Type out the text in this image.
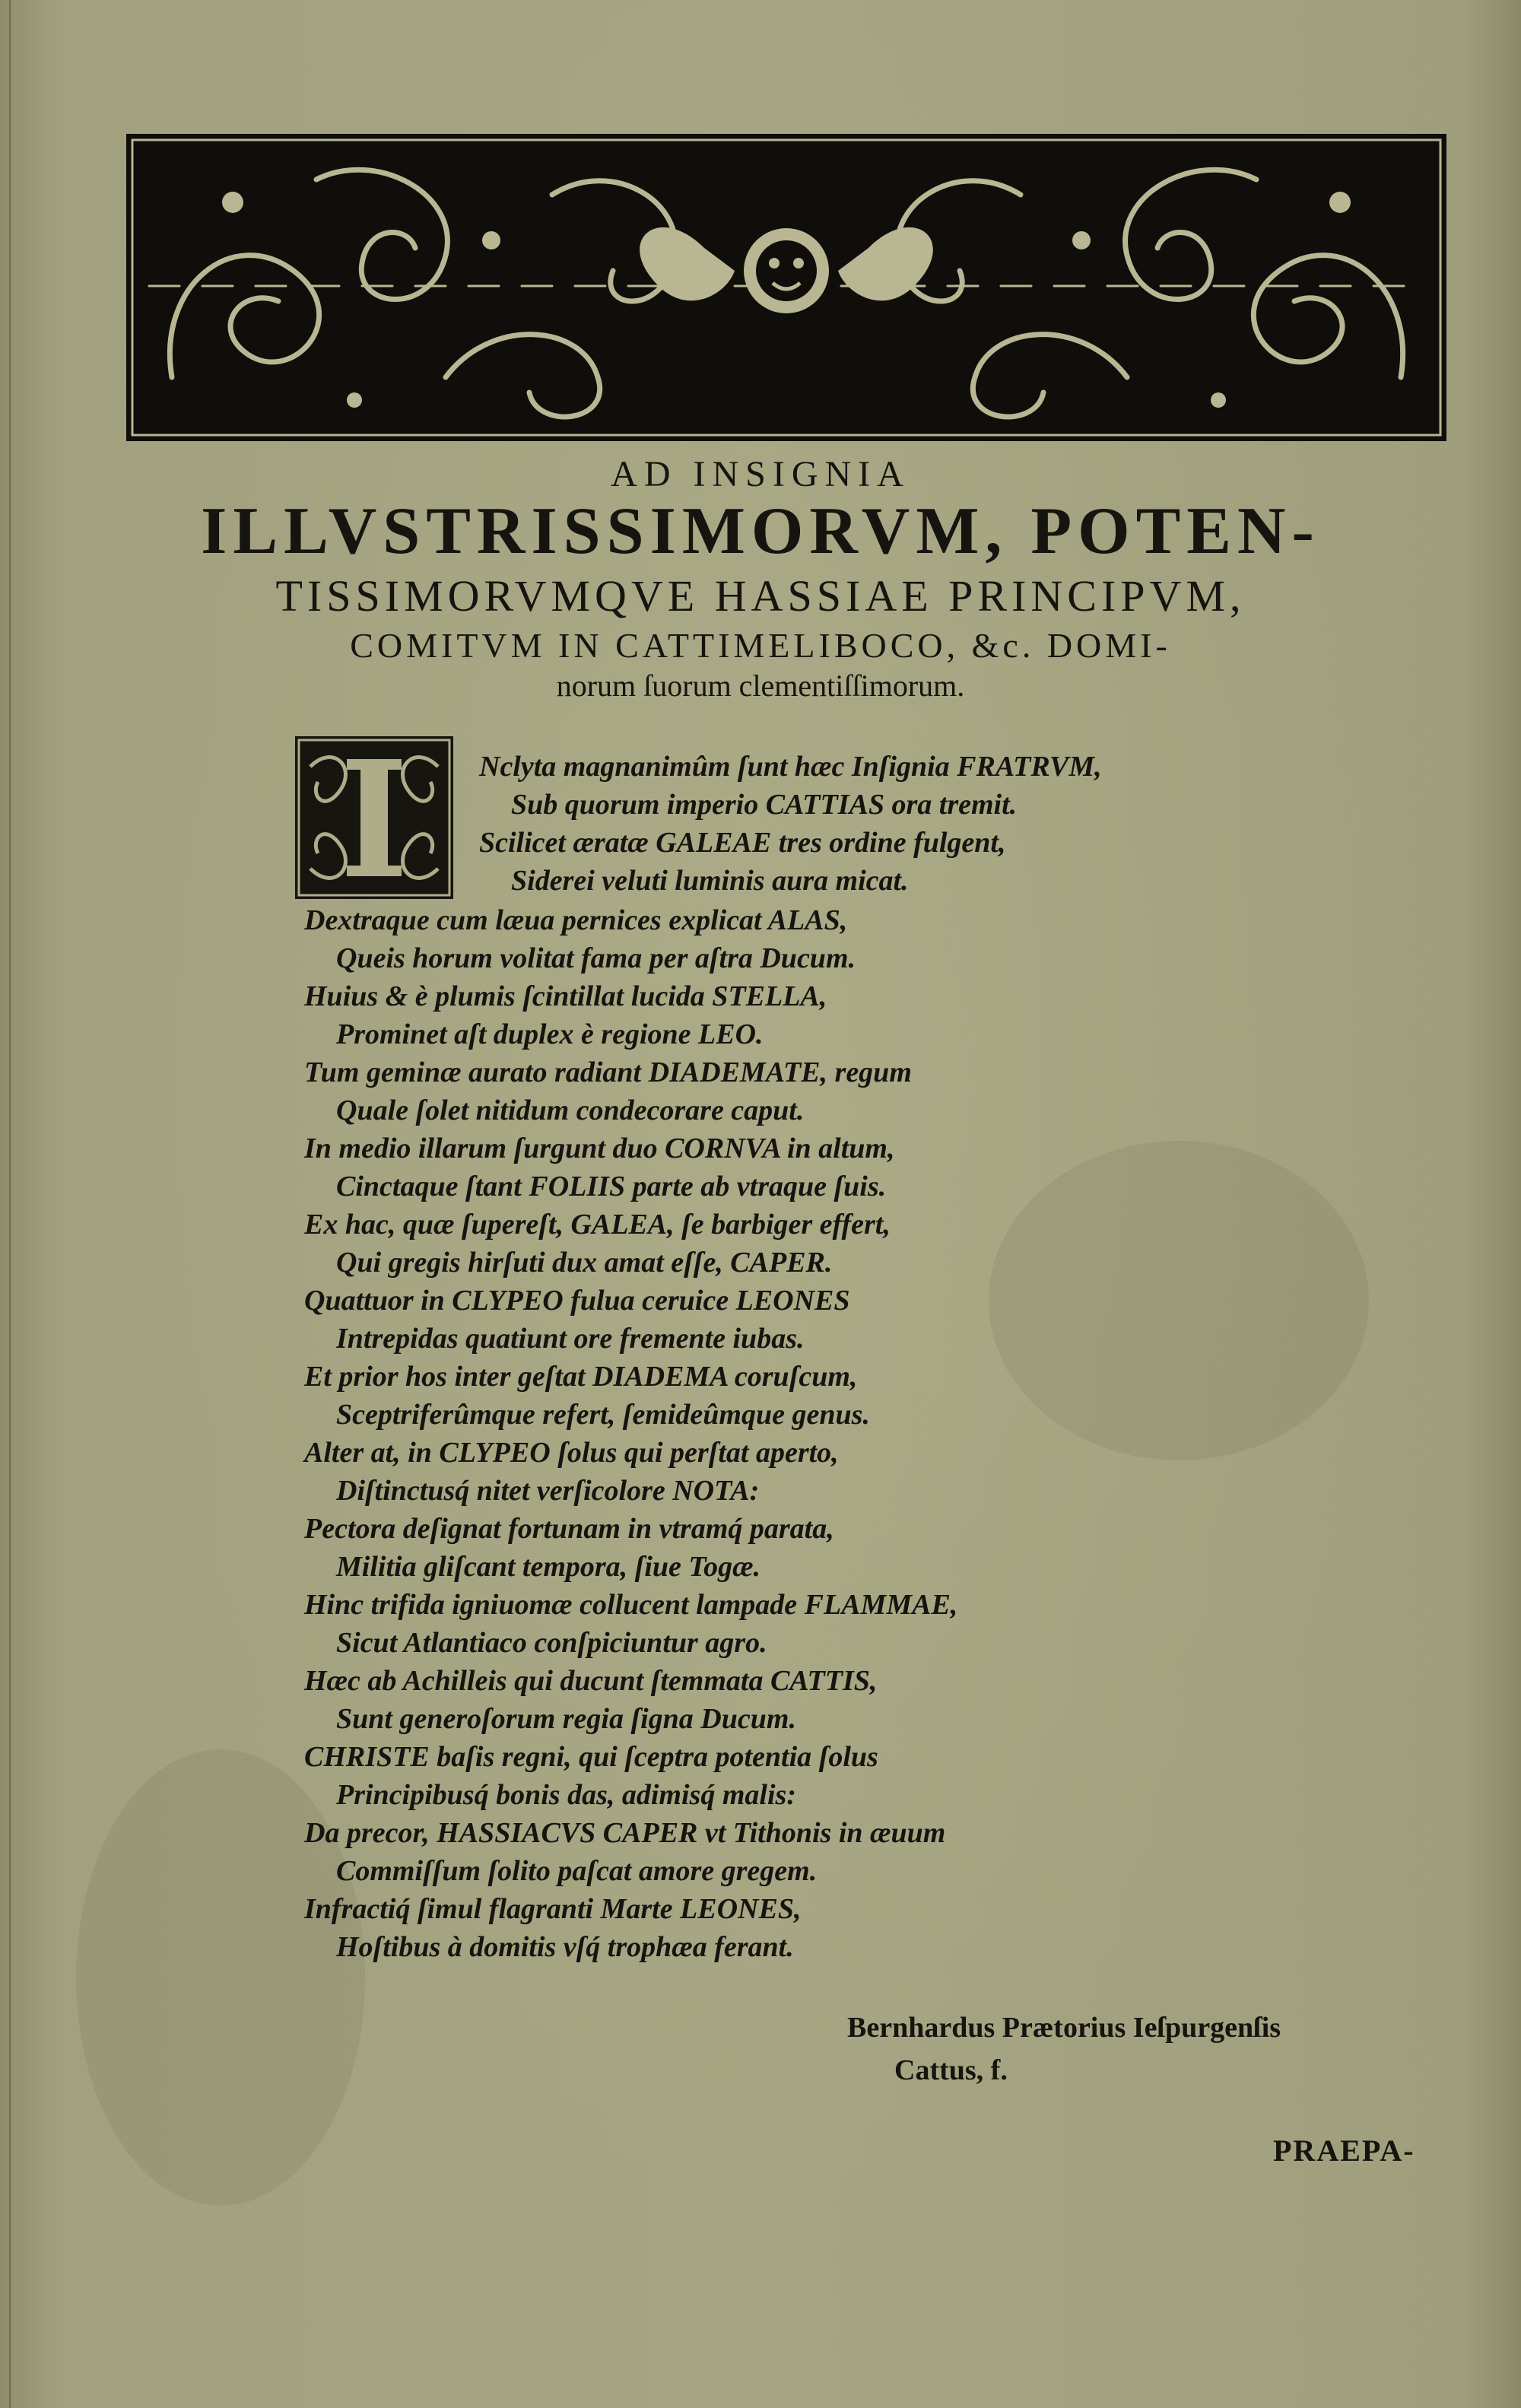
AD INSIGNIA
ILLVSTRISSIMORVM, POTEN-
TISSIMORVMQVE HASSIAE PRINCIPVM,
COMITVM IN CATTIMELIBOCO, &c. DOMI-
norum ſuorum clementiſſimorum.
Nclyta magnanimûm ſunt hæc Inſignia FRATRVM,
Sub quorum imperio CATTIAS ora tremit.
Scilicet æratæ GALEAE tres ordine fulgent,
Siderei veluti luminis aura micat.
Dextraque cum læua pernices explicat ALAS,
Queis horum volitat fama per aſtra Ducum.
Huius & è plumis ſcintillat lucida STELLA,
Prominet aſt duplex è regione LEO.
Tum geminæ aurato radiant DIADEMATE, regum
Quale ſolet nitidum condecorare caput.
In medio illarum ſurgunt duo CORNVA in altum,
Cinctaque ſtant FOLIIS parte ab vtraque ſuis.
Ex hac, quæ ſupereſt, GALEA, ſe barbiger effert,
Qui gregis hirſuti dux amat eſſe, CAPER.
Quattuor in CLYPEO fulua ceruice LEONES
Intrepidas quatiunt ore fremente iubas.
Et prior hos inter geſtat DIADEMA coruſcum,
Sceptriferûmque refert, ſemideûmque genus.
Alter at, in CLYPEO ſolus qui perſtat aperto,
Diſtinctusq́ nitet verſicolore NOTA:
Pectora deſignat fortunam in vtramq́ parata,
Militia gliſcant tempora, ſiue Togæ.
Hinc trifida igniuomæ collucent lampade FLAMMAE,
Sicut Atlantiaco conſpiciuntur agro.
Hæc ab Achilleis qui ducunt ſtemmata CATTIS,
Sunt generoſorum regia ſigna Ducum.
CHRISTE baſis regni, qui ſceptra potentia ſolus
Principibusq́ bonis das, adimisq́ malis:
Da precor, HASSIACVS CAPER vt Tithonis in æuum
Commiſſum ſolito paſcat amore gregem.
Infractiq́ ſimul flagranti Marte LEONES,
Hoſtibus à domitis vſq́ trophæa ferant.
Bernhardus Prætorius Ieſpurgenſis
Cattus, f.
PRAEPA-
